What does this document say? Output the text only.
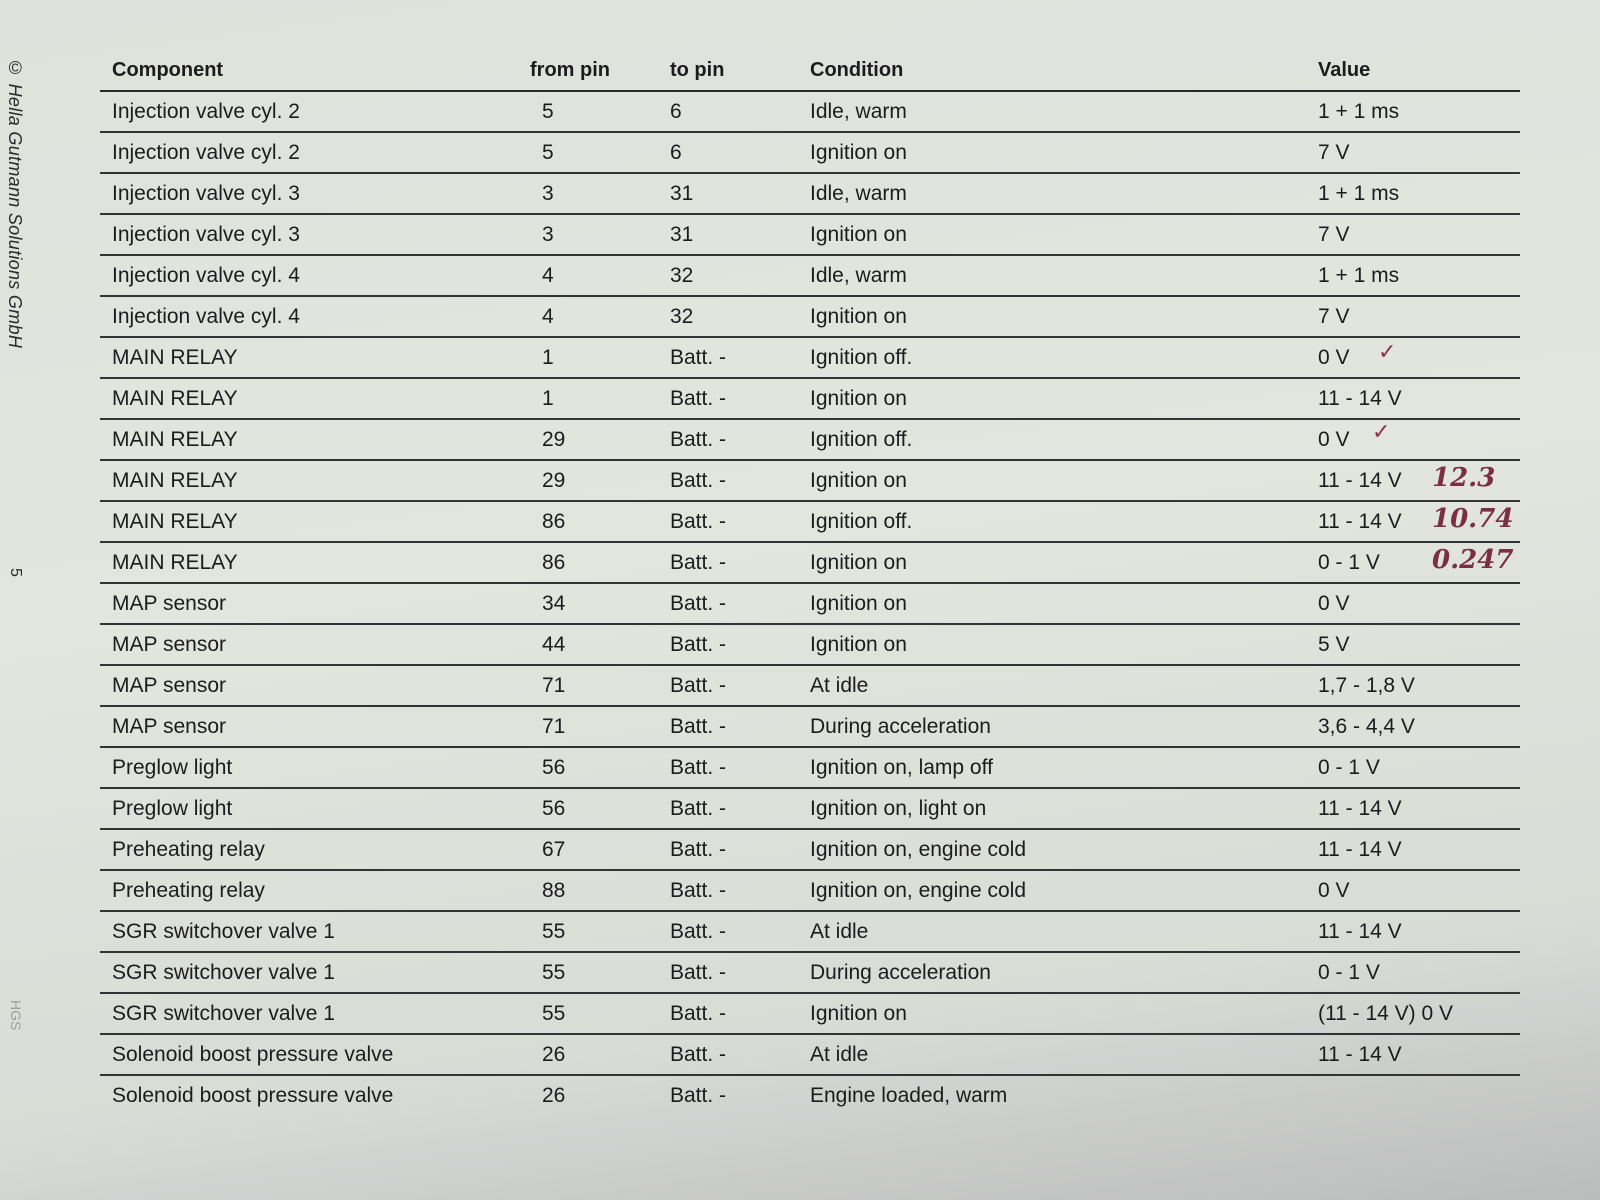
© Hella Gutmann Solutions GmbH
5
HGS
Component	from pin	to pin	Condition	Value
Injection valve cyl. 2	5	6	Idle, warm	1 + 1 ms
Injection valve cyl. 2	5	6	Ignition on	7 V
Injection valve cyl. 3	3	31	Idle, warm	1 + 1 ms
Injection valve cyl. 3	3	31	Ignition on	7 V
Injection valve cyl. 4	4	32	Idle, warm	1 + 1 ms
Injection valve cyl. 4	4	32	Ignition on	7 V
MAIN RELAY	1	Batt. -	Ignition off.	0 V
MAIN RELAY	1	Batt. -	Ignition on	11 - 14 V
MAIN RELAY	29	Batt. -	Ignition off.	0 V
MAIN RELAY	29	Batt. -	Ignition on	11 - 14 V
MAIN RELAY	86	Batt. -	Ignition off.	11 - 14 V
MAIN RELAY	86	Batt. -	Ignition on	0 - 1 V
MAP sensor	34	Batt. -	Ignition on	0 V
MAP sensor	44	Batt. -	Ignition on	5 V
MAP sensor	71	Batt. -	At idle	1,7 - 1,8 V
MAP sensor	71	Batt. -	During acceleration	3,6 - 4,4 V
Preglow light	56	Batt. -	Ignition on, lamp off	0 - 1 V
Preglow light	56	Batt. -	Ignition on, light on	11 - 14 V
Preheating relay	67	Batt. -	Ignition on, engine cold	11 - 14 V
Preheating relay	88	Batt. -	Ignition on, engine cold	0 V
SGR switchover valve 1	55	Batt. -	At idle	11 - 14 V
SGR switchover valve 1	55	Batt. -	During acceleration	0 - 1 V
SGR switchover valve 1	55	Batt. -	Ignition on	(11 - 14 V) 0 V
Solenoid boost pressure valve	26	Batt. -	At idle	11 - 14 V
Solenoid boost pressure valve	26	Batt. -	Engine loaded, warm
✓
✓
12.3
10.74
0.247
